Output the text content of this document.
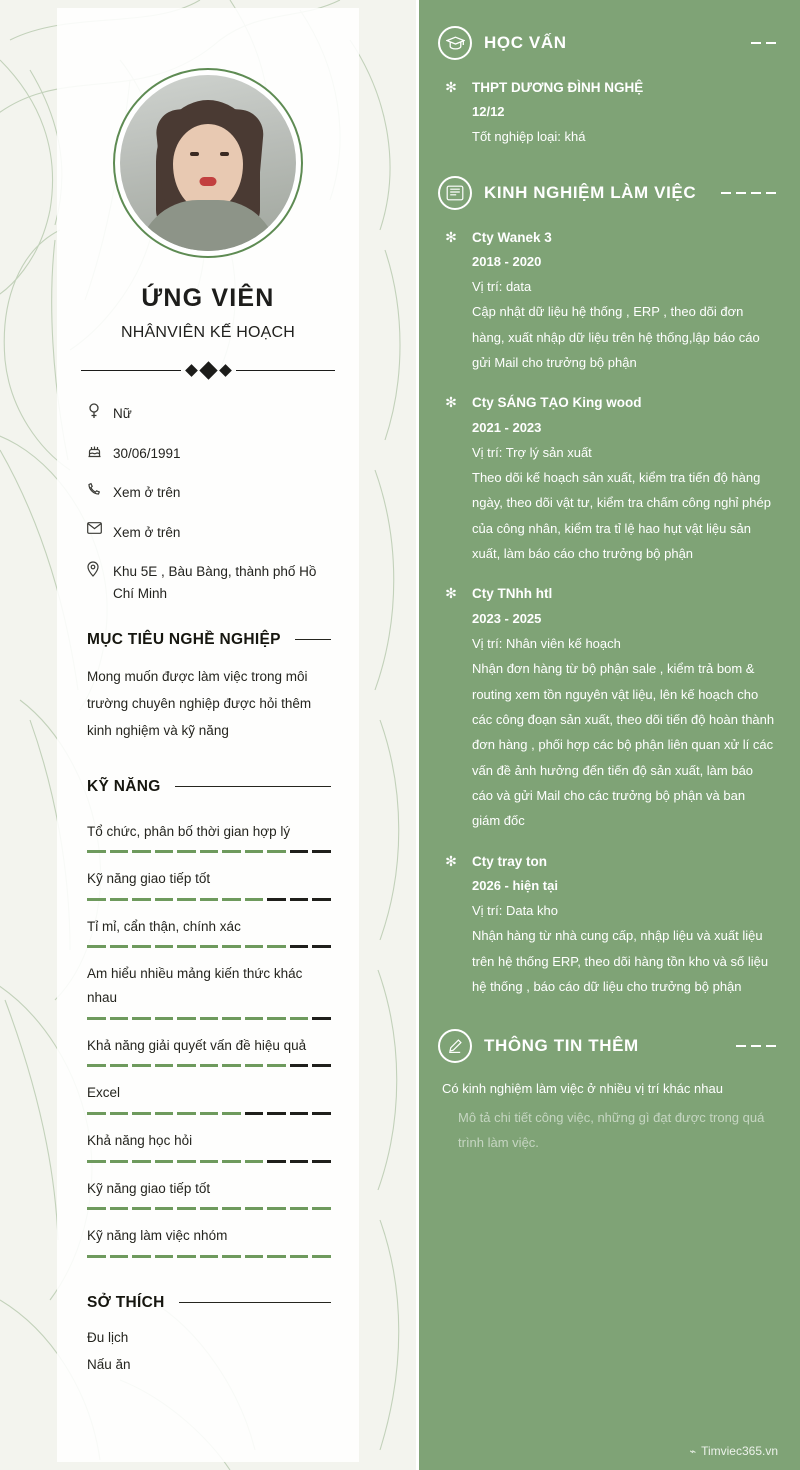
ỨNG VIÊN
NHÂNVIÊN KẾ HOẠCH
Nữ
30/06/1991
Xem ở trên
Xem ở trên
Khu 5E , Bàu Bàng, thành phố Hồ Chí Minh
MỤC TIÊU NGHỀ NGHIỆP
Mong muốn được làm việc trong môi trường chuyên nghiệp được hỏi thêm kinh nghiệm và kỹ năng
KỸ NĂNG
Tổ chức, phân bố thời gian hợp lý
Kỹ năng giao tiếp tốt
Tỉ mỉ, cẩn thận, chính xác
Am hiểu nhiều mảng kiến thức khác nhau
Khả năng giải quyết vấn đề hiệu quả
Excel
Khả năng học hỏi
Kỹ năng giao tiếp tốt
Kỹ năng làm việc nhóm
SỞ THÍCH
Đu lịch
Nấu ăn
HỌC VẤN
✻ THPT DƯƠNG ĐÌNH NGHỆ
12/12
Tốt nghiệp loại: khá
KINH NGHIỆM LÀM VIỆC
✻ Cty Wanek 3
2018 - 2020
Vị trí: data
Cập nhật dữ liệu hệ thống , ERP , theo dõi đơn hàng, xuất nhập dữ liệu trên hệ thống,lập báo cáo gửi Mail cho trưởng bộ phận
✻ Cty SÁNG TẠO King wood
2021 - 2023
Vị trí: Trợ lý sản xuất
Theo dõi kế hoạch sản xuất, kiểm tra tiến độ hàng ngày, theo dõi vật tư, kiểm tra chấm công nghỉ phép của công nhân, kiểm tra tỉ lệ hao hụt vật liệu sản xuất, làm báo cáo cho trưởng bộ phận
✻ Cty TNhh htl
2023 - 2025
Vị trí: Nhân viên kế hoạch
Nhận đơn hàng từ bộ phận sale , kiểm trả bom & routing xem tồn nguyên vật liệu, lên kế hoạch cho các công đoạn sản xuất, theo dõi tiến độ hoàn thành đơn hàng , phối hợp các bộ phận liên quan xử lí các vấn đề ảnh hưởng đến tiến độ sản xuất, làm báo cáo và gửi Mail cho các trưởng bộ phận và ban giám đốc
✻ Cty tray ton
2026 - hiện tại
Vị trí: Data kho
Nhận hàng từ nhà cung cấp, nhập liệu và xuất liệu trên hệ thống ERP, theo dõi hàng tồn kho và số liệu hệ thống , báo cáo dữ liệu cho trưởng bộ phận
THÔNG TIN THÊM
Có kinh nghiệm làm việc ở nhiều vị trí khác nhau
Mô tả chi tiết công việc, những gì đạt được trong quá trình làm việc.
⌁ Timviec365.vn
